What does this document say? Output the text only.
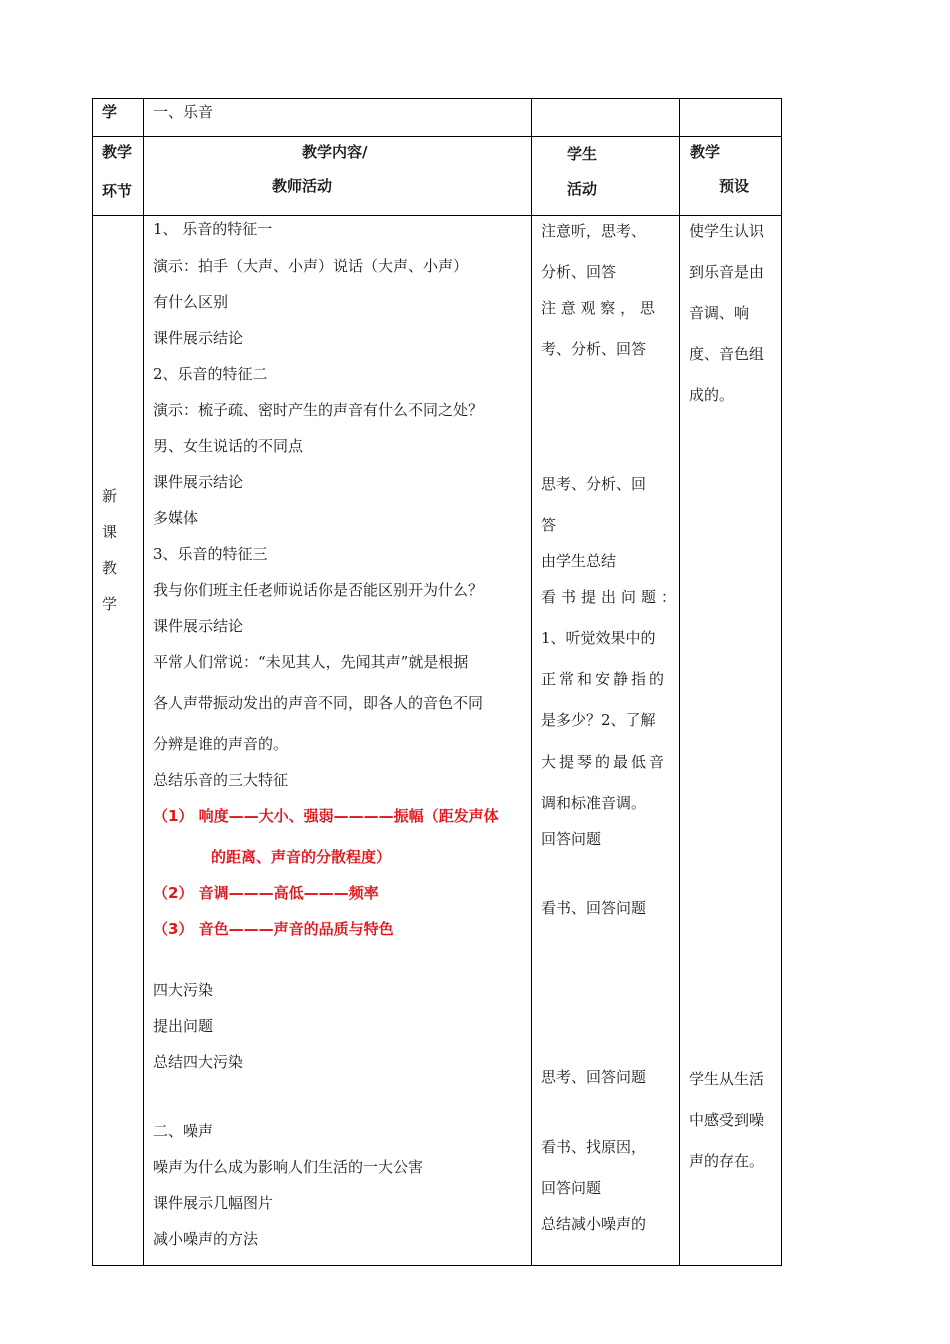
学 一、乐音
教学
环节
教学内容/
教师活动
学生
活动
教学
预设
新
课
教
学
1、 乐音的特征一
演示：拍手（大声、小声）说话（大声、小声）
有什么区别
课件展示结论
2、乐音的特征二
演示：梳子疏、密时产生的声音有什么不同之处？
男、女生说话的不同点
课件展示结论
多媒体
3、乐音的特征三
我与你们班主任老师说话你是否能区别开为什么？
课件展示结论
平常人们常说：“未见其人，先闻其声”就是根据
各人声带振动发出的声音不同，即各人的音色不同
分辨是谁的声音的。
总结乐音的三大特征
（1） 响度——大小、强弱————振幅（距发声体
的距离、声音的分散程度）
（2） 音调———高低———频率
（3） 音色———声音的品质与特色
四大污染
提出问题
总结四大污染
二、噪声
噪声为什么成为影响人们生活的一大公害
课件展示几幅图片
减小噪声的方法
注意听，思考、
分析、回答
注 意 观 察 ， 思
考、分析、回答
思考、分析、回
答
由学生总结
看书提出问题：
1、听觉效果中的
正常和安静指的
是多少？2、了解
大提琴的最低音
调和标准音调。
回答问题
看书、回答问题
思考、回答问题
看书、找原因，
回答问题
总结减小噪声的
使学生认识
到乐音是由
音调、响
度、音色组
成的。
学生从生活
中感受到噪
声的存在。
